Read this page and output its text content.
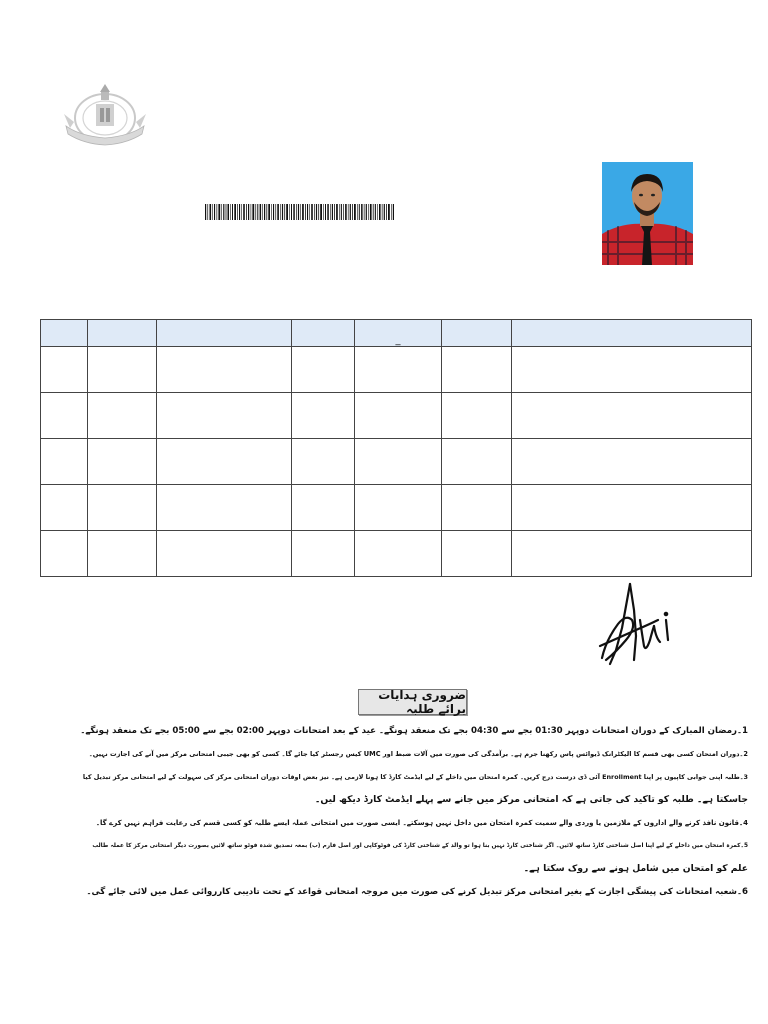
				_		

ضروری ہدایات برائے طلبہ
1۔رمضان المبارک کے دوران امتحانات دوپہر 01:30 بجے سے 04:30 بجے تک منعقد ہونگے۔ عید کے بعد امتحانات دوپہر 02:00 بجے سے 05:00 بجے تک منعقد ہونگے۔
2۔دوران امتحان کسی بھی قسم کا الیکٹرانک ڈیوائس پاس رکھنا جرم ہے۔ برآمدگی کی صورت میں آلات ضبط اور UMC کیس رجسٹر کیا جائے گا۔ کسی کو بھی جیبی امتحانی مرکز میں آنے کی اجازت نہیں۔
3۔طلبہ اپنی جوابی کاپیوں پر اپنا Enrollment آئی ڈی درست درج کریں۔ کمرہ امتحان میں داخلے کے لیے ایڈمٹ کارڈ کا ہونا لازمی ہے۔ نیز بعض اوقات دوران امتحانی مرکز کی سہولت کے لیے امتحانی مرکز تبدیل کیا
جاسکتا ہے۔ طلبہ کو تاکید کی جاتی ہے کہ امتحانی مرکز میں جانے سے پہلے ایڈمٹ کارڈ دیکھ لیں۔
4۔قانون نافذ کرنے والے اداروں کے ملازمین یا وردی والے سمیت کمرہ امتحان میں داخل نہیں ہوسکتے۔ ایسی صورت میں امتحانی عملہ ایسے طلبہ کو کسی قسم کی رعایت فراہم نہیں کرے گا۔
5۔کمرہ امتحان میں داخلے کے لیے اپنا اصل شناختی کارڈ ساتھ لائیں۔ اگر شناختی کارڈ نہیں بنا ہوا تو والد کے شناختی کارڈ کی فوٹوکاپی اور اصل فارم (ب) بمعہ تصدیق شدہ فوٹو ساتھ لائیں بصورت دیگر امتحانی مرکز کا عملہ طالب
علم کو امتحان میں شامل ہونے سے روک سکتا ہے۔
6۔شعبہ امتحانات کی پیشگی اجازت کے بغیر امتحانی مرکز تبدیل کرنے کی صورت میں مروجہ امتحانی قواعد کے تحت تادیبی کارروائی عمل میں لائی جائے گی۔
